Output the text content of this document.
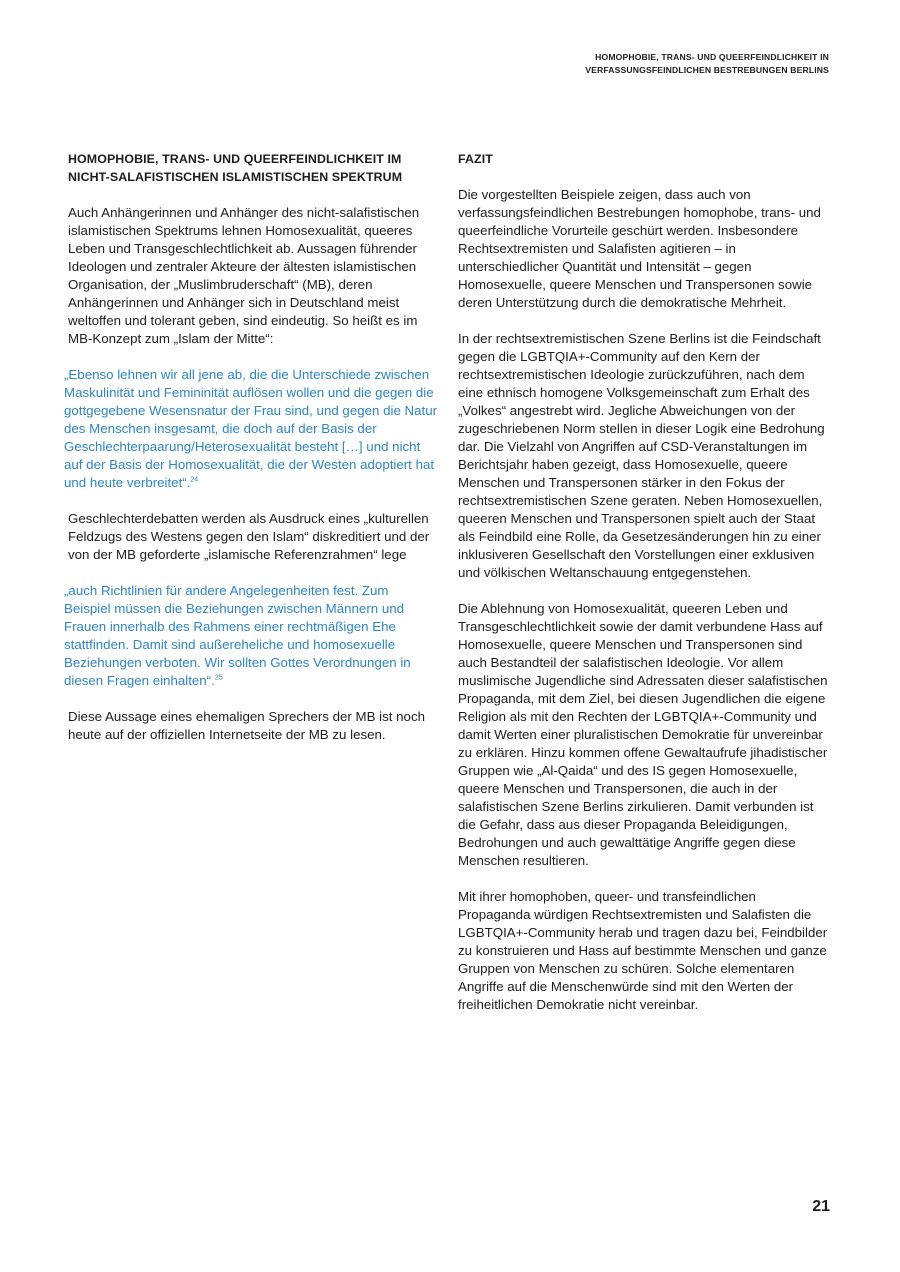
HOMOPHOBIE, TRANS- UND QUEERFEINDLICHKEIT IN
VERFASSUNGSFEINDLICHEN BESTREBUNGEN BERLINS
HOMOPHOBIE, TRANS- UND QUEERFEINDLICHKEIT IM
NICHT-SALAFISTISCHEN ISLAMISTISCHEN SPEKTRUM

Auch Anhängerinnen und Anhänger des nicht-salafistischen islamistischen Spektrums lehnen Homosexualität, queeres Leben und Transgeschlechtlichkeit ab. Aussagen führender Ideologen und zentraler Akteure der ältesten islamistischen Organisation, der „Muslimbruderschaft“ (MB), deren Anhängerinnen und Anhänger sich in Deutschland meist weltoffen und tolerant geben, sind eindeutig. So heißt es im MB-Konzept zum „Islam der Mitte“:

„Ebenso lehnen wir all jene ab, die die Unterschiede zwischen Maskulinität und Femininität auflösen wollen und die gegen die gottgegebene Wesensnatur der Frau sind, und gegen die Natur des Menschen insgesamt, die doch auf der Basis der Geschlechterpaarung/Heterosexualität besteht […] und nicht auf der Basis der Homosexualität, die der Westen adoptiert hat und heute verbreitet“.$^{24}$

Geschlechterdebatten werden als Ausdruck eines „kulturellen Feldzugs des Westens gegen den Islam“ diskreditiert und der von der MB geforderte „islamische Referenzrahmen“ lege

„auch Richtlinien für andere Angelegenheiten fest. Zum Beispiel müssen die Beziehungen zwischen Männern und Frauen innerhalb des Rahmens einer rechtmäßigen Ehe stattfinden. Damit sind außereheliche und homosexuelle Beziehungen verboten. Wir sollten Gottes Verordnungen in diesen Fragen einhalten“.$^{25}$

Diese Aussage eines ehemaligen Sprechers der MB ist noch heute auf der offiziellen Internetseite der MB zu lesen.

FAZIT

Die vorgestellten Beispiele zeigen, dass auch von verfassungsfeindlichen Bestrebungen homophobe, trans- und queerfeindliche Vorurteile geschürt werden. Insbesondere Rechtsextremisten und Salafisten agitieren – in unterschiedlicher Quantität und Intensität – gegen Homosexuelle, queere Menschen und Transpersonen sowie deren Unterstützung durch die demokratische Mehrheit.

In der rechtsextremistischen Szene Berlins ist die Feindschaft gegen die LGBTQIA+-Community auf den Kern der rechtsextremistischen Ideologie zurückzuführen, nach dem eine ethnisch homogene Volksgemeinschaft zum Erhalt des „Volkes“ angestrebt wird. Jegliche Abweichungen von der zugeschriebenen Norm stellen in dieser Logik eine Bedrohung dar. Die Vielzahl von Angriffen auf CSD-Veranstaltungen im Berichtsjahr haben gezeigt, dass Homosexuelle, queere Menschen und Transpersonen stärker in den Fokus der rechtsextremistischen Szene geraten. Neben Homosexuellen, queeren Menschen und Transpersonen spielt auch der Staat als Feindbild eine Rolle, da Gesetzesänderungen hin zu einer inklusiveren Gesellschaft den Vorstellungen einer exklusiven und völkischen Weltanschauung entgegenstehen.

Die Ablehnung von Homosexualität, queeren Leben und Transgeschlechtlichkeit sowie der damit verbundene Hass auf Homosexuelle, queere Menschen und Transpersonen sind auch Bestandteil der salafistischen Ideologie. Vor allem muslimische Jugendliche sind Adressaten dieser salafistischen Propaganda, mit dem Ziel, bei diesen Jugendlichen die eigene Religion als mit den Rechten der LGBTQIA+-Community und damit Werten einer pluralistischen Demokratie für unvereinbar zu erklären. Hinzu kommen offene Gewaltaufrufe jihadistischer Gruppen wie „Al-Qaida“ und des IS gegen Homosexuelle, queere Menschen und Transpersonen, die auch in der salafistischen Szene Berlins zirkulieren. Damit verbunden ist die Gefahr, dass aus dieser Propaganda Beleidigungen, Bedrohungen und auch gewalttätige Angriffe gegen diese Menschen resultieren.

Mit ihrer homophoben, queer- und transfeindlichen Propaganda würdigen Rechtsextremisten und Salafisten die LGBTQIA+-Community herab und tragen dazu bei, Feindbilder zu konstruieren und Hass auf bestimmte Menschen und ganze Gruppen von Menschen zu schüren. Solche elementaren Angriffe auf die Menschenwürde sind mit den Werten der freiheitlichen Demokratie nicht vereinbar.

21
